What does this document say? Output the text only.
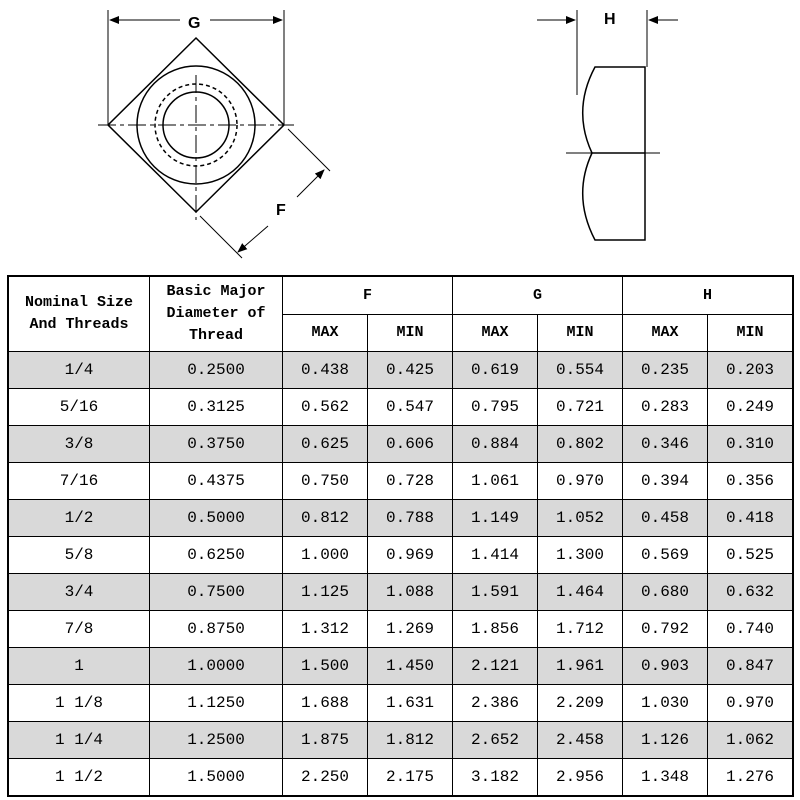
G
F
H
Nominal Size And Threads	Basic Major Diameter of Thread	F		G		H	
		MAX	MIN	MAX	MIN	MAX	MIN
1/4	0.2500	0.438	0.425	0.619	0.554	0.235	0.203
5/16	0.3125	0.562	0.547	0.795	0.721	0.283	0.249
3/8	0.3750	0.625	0.606	0.884	0.802	0.346	0.310
7/16	0.4375	0.750	0.728	1.061	0.970	0.394	0.356
1/2	0.5000	0.812	0.788	1.149	1.052	0.458	0.418
5/8	0.6250	1.000	0.969	1.414	1.300	0.569	0.525
3/4	0.7500	1.125	1.088	1.591	1.464	0.680	0.632
7/8	0.8750	1.312	1.269	1.856	1.712	0.792	0.740
1	1.0000	1.500	1.450	2.121	1.961	0.903	0.847
1 1/8	1.1250	1.688	1.631	2.386	2.209	1.030	0.970
1 1/4	1.2500	1.875	1.812	2.652	2.458	1.126	1.062
1 1/2	1.5000	2.250	2.175	3.182	2.956	1.348	1.276
